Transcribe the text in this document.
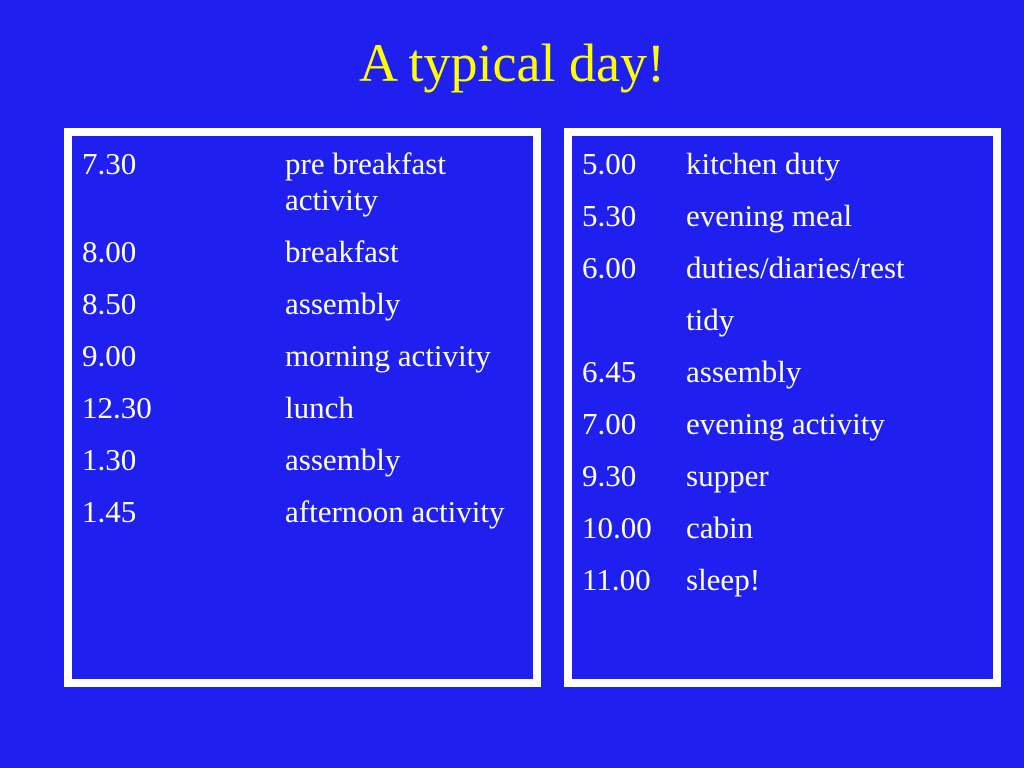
A typical day!
7.30	pre breakfast activity
8.00	breakfast
8.50	assembly
9.00	morning activity
12.30	lunch
1.30	assembly
1.45	afternoon activity
5.00	kitchen duty
5.30	evening meal
6.00	duties/diaries/rest
tidy
6.45	assembly
7.00	evening activity
9.30	supper
10.00	cabin
11.00	sleep!
